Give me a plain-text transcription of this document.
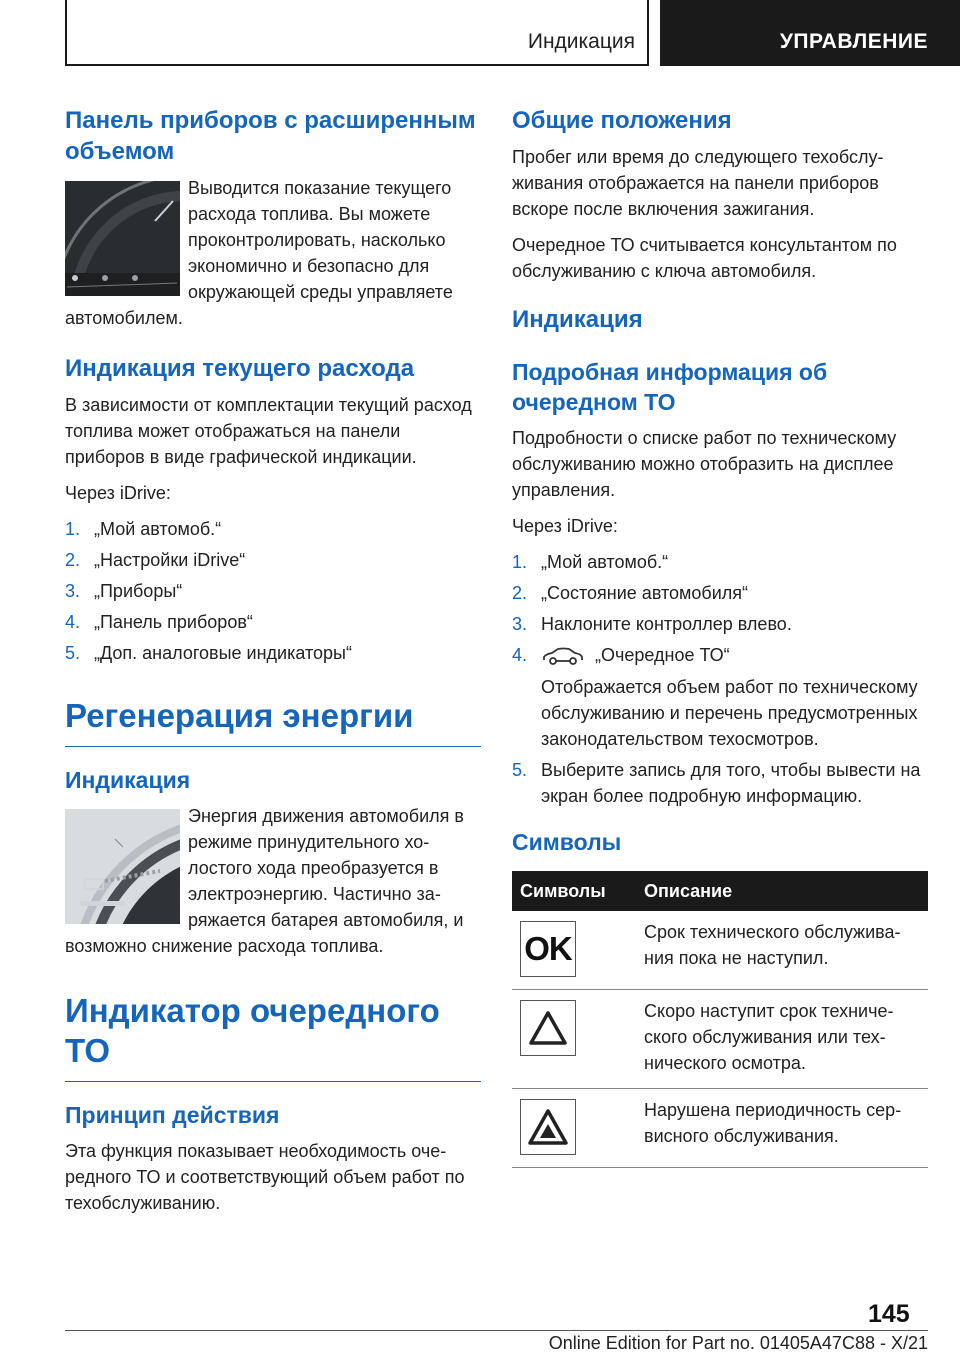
Индикация	УПРАВЛЕНИЕ
Панель приборов с расширенным объемом

Выводится показание текущего расхода топлива. Вы можете проконтролировать, насколько экономично и безопасно для окружающей среды управляете автомобилем.

Индикация текущего расхода

В зависимости от комплектации текущий расход топлива может отображаться на панели приборов в виде графической индикации.

Через iDrive:

1. „Мой автомоб.“
2. „Настройки iDrive“
3. „Приборы“
4. „Панель приборов“
5. „Доп. аналоговые индикаторы“
Регенерация энергии
Индикация

Энергия движения автомобиля в режиме принудительного холостого хода преобразуется в электроэнергию. Частично заряжается батарея автомобиля, и возможно снижение расхода топлива.

Индикатор очередного ТО
Принцип действия

Эта функция показывает необходимость очередного ТО и соответствующий объем работ по техобслуживанию.

Общие положения

Пробег или время до следующего техобслуживания отображается на панели приборов вскоре после включения зажигания.

Очередное ТО считывается консультантом по обслуживанию с ключа автомобиля.

Индикация
Подробная информация об очередном ТО

Подробности о списке работ по техническому обслуживанию можно отобразить на дисплее управления.

Через iDrive:

1. „Мой автомоб.“
2. „Состояние автомобиля“
3. Наклоните контроллер влево.
4.	„Очередное ТО“
Отображается объем работ по техническому обслуживанию и перечень предусмотренных законодательством техосмотров.
5. Выберите запись для того, чтобы вывести на экран более подробную информацию.
Символы
Символы	Описание

OK	Срок технического обслуживания пока не наступил.

	Скоро наступит срок технического обслуживания или технического осмотра.

	Нарушена периодичность сервисного обслуживания.
145
Online Edition for Part no. 01405A47C88 - X/21
